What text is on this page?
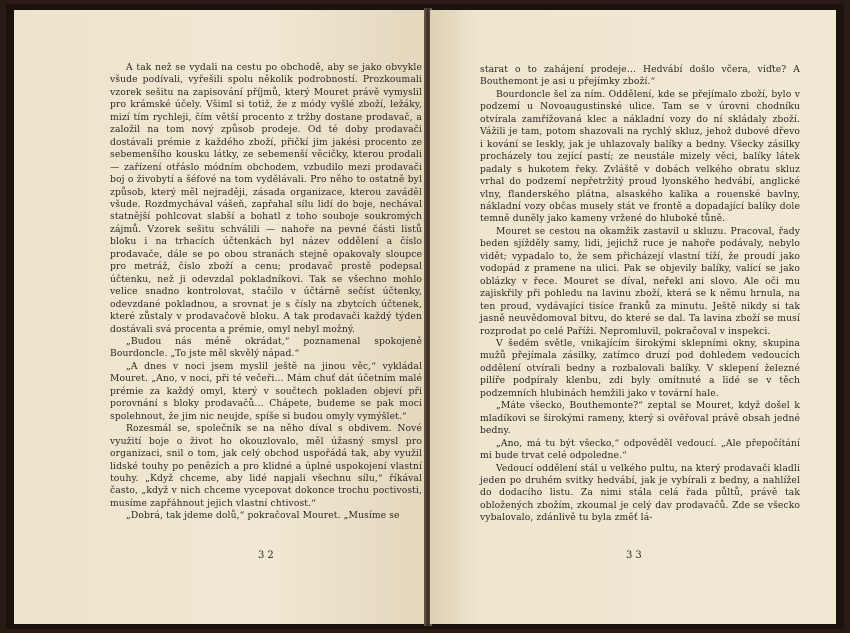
A tak než se vydali na cestu po obchodě, aby se jako obvykle všude podívali, vyřešili spolu několik podrobností. Prozkoumali vzorek sešitu na zapisování příjmů, který Mouret právě vymyslil pro krámské účely. Všiml si totiž, že z módy vyšlé zboží, ležáky, mizí tím rychleji, čím větší procento z tržby dostane prodavač, a založil na tom nový způsob prodeje. Od té doby prodavači dostávali prémie z každého zboží, přičkí jim jakési procento ze sebemenšího kousku látky, ze sebemenší věcičky, kterou prodali — zařízení otřáslo módním obchodem, vzbudilo mezi prodavači boj o živobytí a šéfové na tom vydělávali. Pro něho to ostatně byl způsob, který měl nejraději, zásada organizace, kterou zaváděl všude. Rozdmychával vášeň, zapřahal sílu lidí do boje, nechával statnější pohlcovat slabší a bohatl z toho souboje soukromých zájmů. Vzorek sešitu schválili — nahoře na pevné části listů bloku i na trhacích účtenkách byl název oddělení a číslo prodavače, dále se po obou stranách stejně opakovaly sloupce pro metráž, číslo zboží a cenu; prodavač prostě podepsal účtenku, než ji odevzdal pokladníkovi. Tak se všechno mohlo velice snadno kontrolovat, stačilo v účtárně sečíst účtenky, odevzdané pokladnou, a srovnat je s čísly na zbytcích účtenek, které zůstaly v prodavačově bloku. A tak prodavači každý týden dostávali svá procenta a prémie, omyl nebyl možný.

„Budou nás méně okrádat,“ poznamenal spokojeně Bourdoncle. „To jste měl skvělý nápad.“

„A dnes v noci jsem myslil ještě na jinou věc,“ vykládal Mouret. „Ano, v noci, při té večeři… Mám chuť dát účetním malé prémie za každý omyl, který v součtech pokladen objeví při porovnání s bloky prodavačů… Chápete, budeme se pak moci spolehnout, že jim nic neujde, spíše si budou omyly vymýšlet.“

Rozesmál se, společník se na něho díval s obdivem. Nové využití boje o život ho okouzlovalo, měl úžasný smysl pro organizaci, snil o tom, jak celý obchod uspořádá tak, aby využil lidské touhy po penězích a pro klidné a úplné uspokojení vlastní touhy. „Když chceme, aby lidé napjali všechnu sílu,“ říkával často, „když v nich chceme vycepovat dokonce trochu poctivosti, musíme zapřáhnout jejich vlastní chtivost.“

„Dobrá, tak jdeme dolů,“ pokračoval Mouret. „Musíme se

32

starat o to zahájení prodeje… Hedvábí došlo včera, viďte? A Bouthemont je asi u přejímky zboží.“

Bourdoncle šel za ním. Oddělení, kde se přejímalo zboží, bylo v podzemí u Novoaugustinské ulice. Tam se v úrovni chodníku otvírala zamřížovaná klec a nákladní vozy do ní skládaly zboží. Vážili je tam, potom shazovali na rychlý skluz, jehož dubové dřevo i kování se leskly, jak je uhlazovaly balíky a bedny. Všecky zásilky procházely tou zející pastí; ze neustále mizely věci, balíky látek padaly s hukotem řeky. Zvláště v dobách velkého obratu skluz vrhal do podzemí nepřetržitý proud lyonského hedvábí, anglické vlny, flanderského plátna, alsaského kalika a rouenské bavlny, nákladní vozy občas musely stát ve frontě a dopadající balíky dole temně duněly jako kameny vržené do hluboké tůně.

Mouret se cestou na okamžik zastavil u skluzu. Pracoval, řady beden sjížděly samy, lidi, jejichž ruce je nahoře podávaly, nebylo vidět; vypadalo to, že sem přicházejí vlastní tíží, že proudí jako vodopád z pramene na ulici. Pak se objevily balíky, valící se jako oblázky v řece. Mouret se díval, neřekl ani slovo. Ale oči mu zajiskřily při pohledu na lavinu zboží, která se k němu hrnula, na ten proud, vydávající tisíce franků za minutu. Ještě nikdy si tak jasně neuvědomoval bitvu, do které se dal. Ta lavina zboží se musí rozprodat po celé Paříži. Nepromluvil, pokračoval v inspekci.

V šedém světle, vnikajícím širokými sklepními okny, skupina mužů přejímala zásilky, zatímco druzí pod dohledem vedoucích oddělení otvírali bedny a rozbalovali balíky. V sklepení železné pilíře podpíraly klenbu, zdi byly omítnuté a lidé se v těch podzemních hlubinách hemžili jako v tovární hale.

„Máte všecko, Bouthemonte?“ zeptal se Mouret, když došel k mladíkovi se širokými rameny, který si ověřoval právě obsah jedné bedny.

„Ano, má tu být všecko,“ odpověděl vedoucí. „Ale přepočítání mi bude trvat celé odpoledne.“

Vedoucí oddělení stál u velkého pultu, na který prodavači kladli jeden po druhém svitky hedvábí, jak je vybírali z bedny, a nahlížel do dodacího listu. Za nimi stála celá řada půltů, právě tak obložených zbožím, zkoumal je celý dav prodavačů. Zde se všecko vybalovalo, zdánlivě tu byla změť lá-

33
